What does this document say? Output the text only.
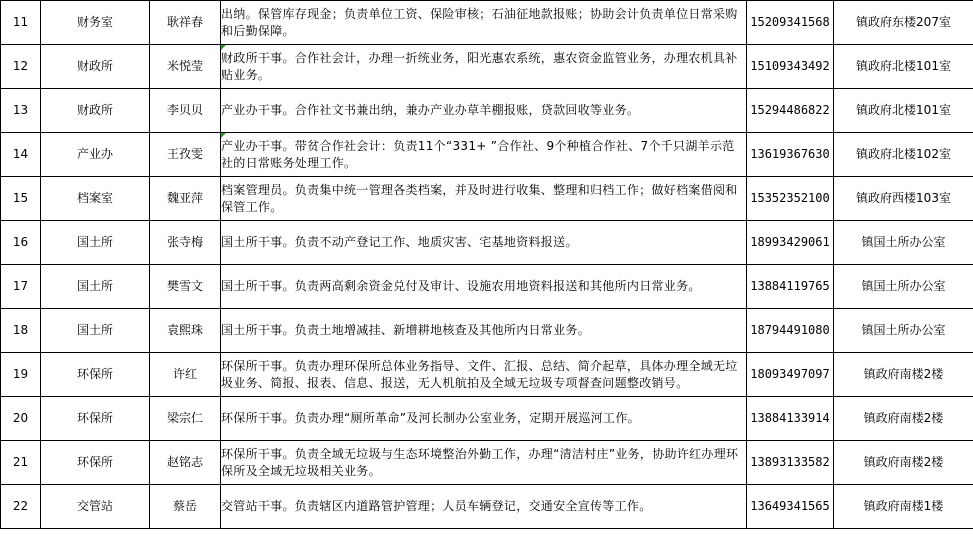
11	财务室	耿祥春	出纳。保管库存现金；负责单位工资、保险审核；石油征地款报账；协助会计负责单位日常采购和后勤保障。	15209341568	镇政府东楼207室
12	财政所	米悦莹	财政所干事。合作社会计，办理一折统业务，阳光惠农系统，惠农资金监管业务，办理农机具补贴业务。	15109343492	镇政府北楼101室
13	财政所	李贝贝	产业办干事。合作社文书兼出纳，兼办产业办草羊棚报账，贷款回收等业务。	15294486822	镇政府北楼101室
14	产业办	王孜雯	产业办干事。带贫合作社会计：负责11个“331+ ”合作社、9个种植合作社、7个千只湖羊示范社的日常账务处理工作。	13619367630	镇政府北楼102室
15	档案室	魏亚萍	档案管理员。负责集中统一管理各类档案，并及时进行收集、整理和归档工作；做好档案借阅和保管工作。	15352352100	镇政府西楼103室
16	国土所	张寺梅	国土所干事。负责不动产登记工作、地质灾害、宅基地资料报送。	18993429061	镇国土所办公室
17	国土所	樊雪文	国土所干事。负责两高剩余资金兑付及审计、设施农用地资料报送和其他所内日常业务。	13884119765	镇国土所办公室
18	国土所	袁熙珠	国土所干事。负责土地增减挂、新增耕地核查及其他所内日常业务。	18794491080	镇国土所办公室
19	环保所	许红	环保所干事。负责办理环保所总体业务指导、文件、汇报、总结、简介起草，具体办理全域无垃圾业务、简报、报表、信息、报送，无人机航拍及全域无垃圾专项督查问题整改销号。	18093497097	镇政府南楼2楼
20	环保所	梁宗仁	环保所干事。负责办理“厕所革命”及河长制办公室业务，定期开展巡河工作。	13884133914	镇政府南楼2楼
21	环保所	赵铭志	环保所干事。负责全域无垃圾与生态环境整治外勤工作，办理“清洁村庄”业务，协助许红办理环保所及全域无垃圾相关业务。	13893133582	镇政府南楼2楼
22	交管站	蔡岳	交管站干事。负责辖区内道路管护管理；人员车辆登记，交通安全宣传等工作。	13649341565	镇政府南楼1楼
